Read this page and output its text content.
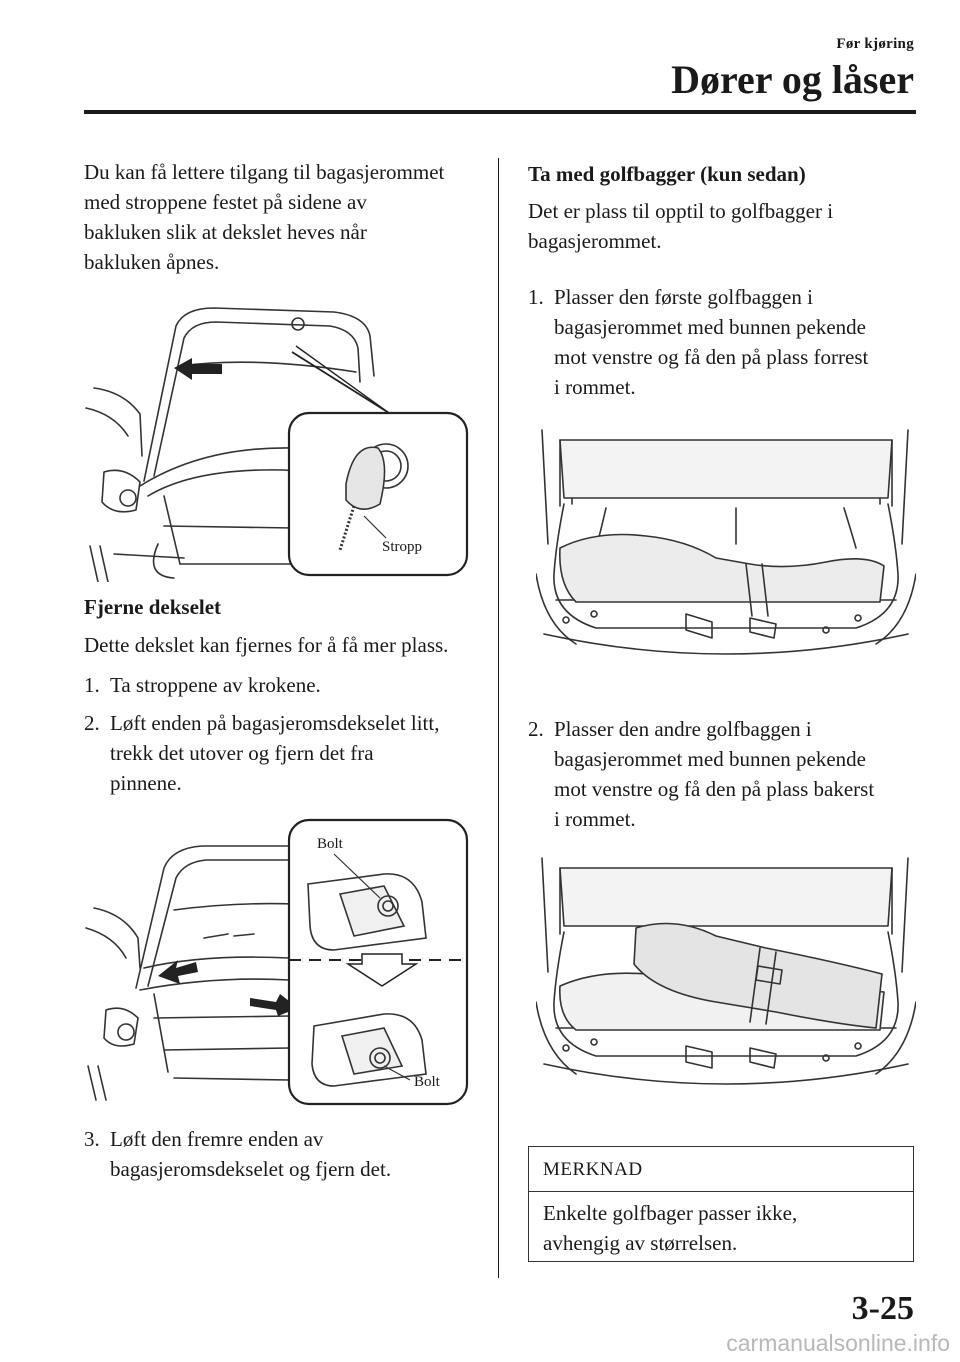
Før kjøring
Dører og låser

Du kan få lettere tilgang til bagasjerommet

med stroppene festet på sidene av

bakluken slik at dekslet heves når

bakluken åpnes.

Stropp

Fjerne dekselet

Dette dekslet kan fjernes for å få mer plass.

1. Ta stroppene av krokene.
2. Løft enden på bagasjeromsdekselet litt,
trekk det utover og fjern det fra
pinnene.
Bolt
Bolt
3. Løft den fremre enden av
bagasjeromsdekselet og fjern det.

Ta med golfbagger (kun sedan)

Det er plass til opptil to golfbagger i

bagasjerommet.

1. Plasser den første golfbaggen i
bagasjerommet med bunnen pekende
mot venstre og få den på plass forrest
i rommet.
2. Plasser den andre golfbaggen i
bagasjerommet med bunnen pekende
mot venstre og få den på plass bakerst
i rommet.
MERKNAD
Enkelte golfbager passer ikke,
avhengig av størrelsen.
3-25
carmanualsonline.info
